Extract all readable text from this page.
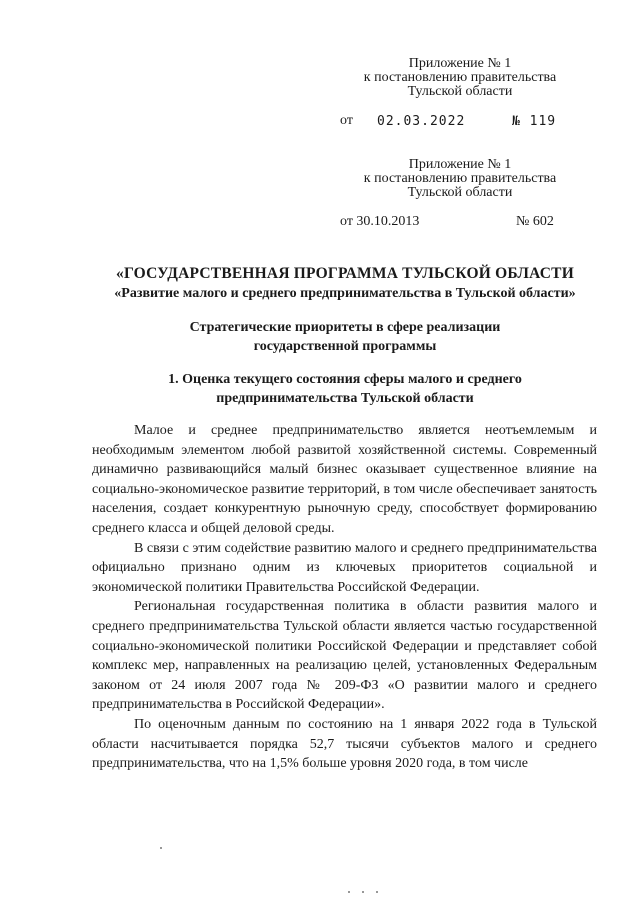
Приложение № 1
к постановлению правительства
Тульской области
от 02.03.2022	№ 119
Приложение № 1
к постановлению правительства
Тульской области
от 30.10.2013	№ 602
«ГОСУДАРСТВЕННАЯ ПРОГРАММА ТУЛЬСКОЙ ОБЛАСТИ
«Развитие малого и среднего предпринимательства в Тульской области»
Стратегические приоритеты в сфере реализации
государственной программы
1. Оценка текущего состояния сферы малого и среднего
предпринимательства Тульской области

Малое и среднее предпринимательство является неотъемлемым и необходимым элементом любой развитой хозяйственной системы. Современный динамично развивающийся малый бизнес оказывает существенное влияние на социально-экономическое развитие территорий, в том числе обеспечивает занятость населения, создает конкурентную рыночную среду, способствует формированию среднего класса и общей деловой среды.

В связи с этим содействие развитию малого и среднего предпринимательства официально признано одним из ключевых приоритетов социальной и экономической политики Правительства Российской Федерации.

Региональная государственная политика в области развития малого и среднего предпринимательства Тульской области является частью государственной социально-экономической политики Российской Федерации и представляет собой комплекс мер, направленных на реализацию целей, установленных Федеральным законом от 24 июля 2007 года № 209-ФЗ «О развитии малого и среднего предпринимательства в Российской Федерации».

По оценочным данным по состоянию на 1 января 2022 года в Тульской области насчитывается порядка 52,7 тысячи субъектов малого и среднего предпринимательства, что на 1,5% больше уровня 2020 года, в том числе
